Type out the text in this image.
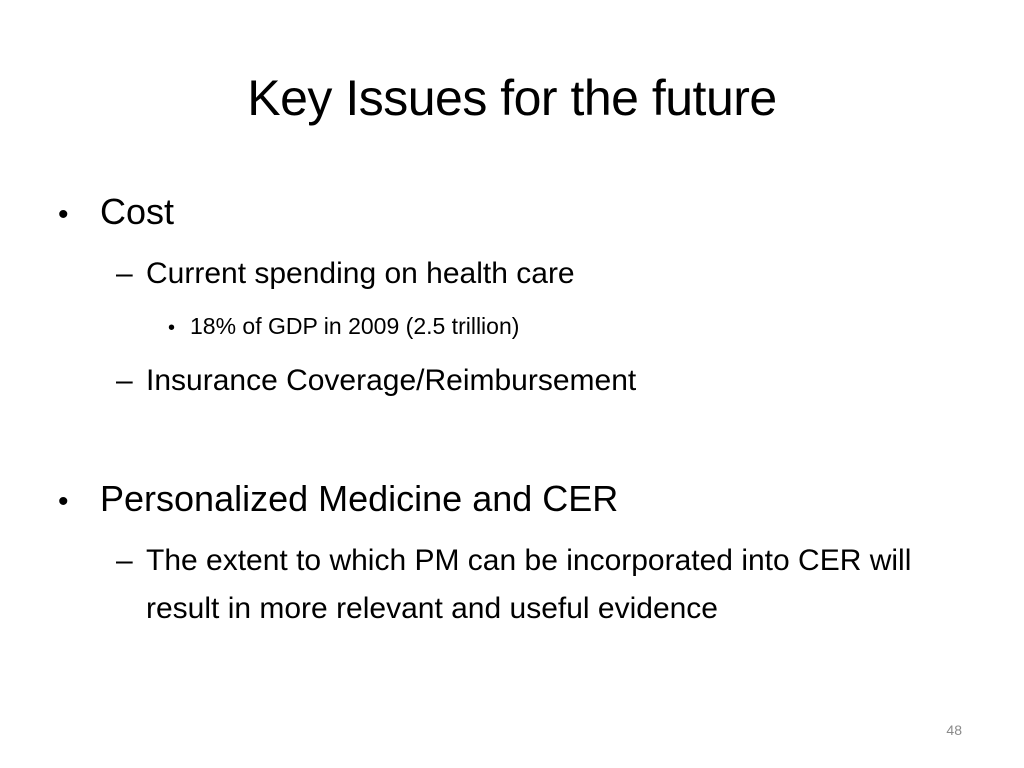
Key Issues for the future
• Cost
– Current spending on health care
• 18% of GDP in 2009 (2.5 trillion)
– Insurance Coverage/Reimbursement
• Personalized Medicine and CER
– The extent to which PM can be incorporated into CER will result in more relevant and useful evidence
48
